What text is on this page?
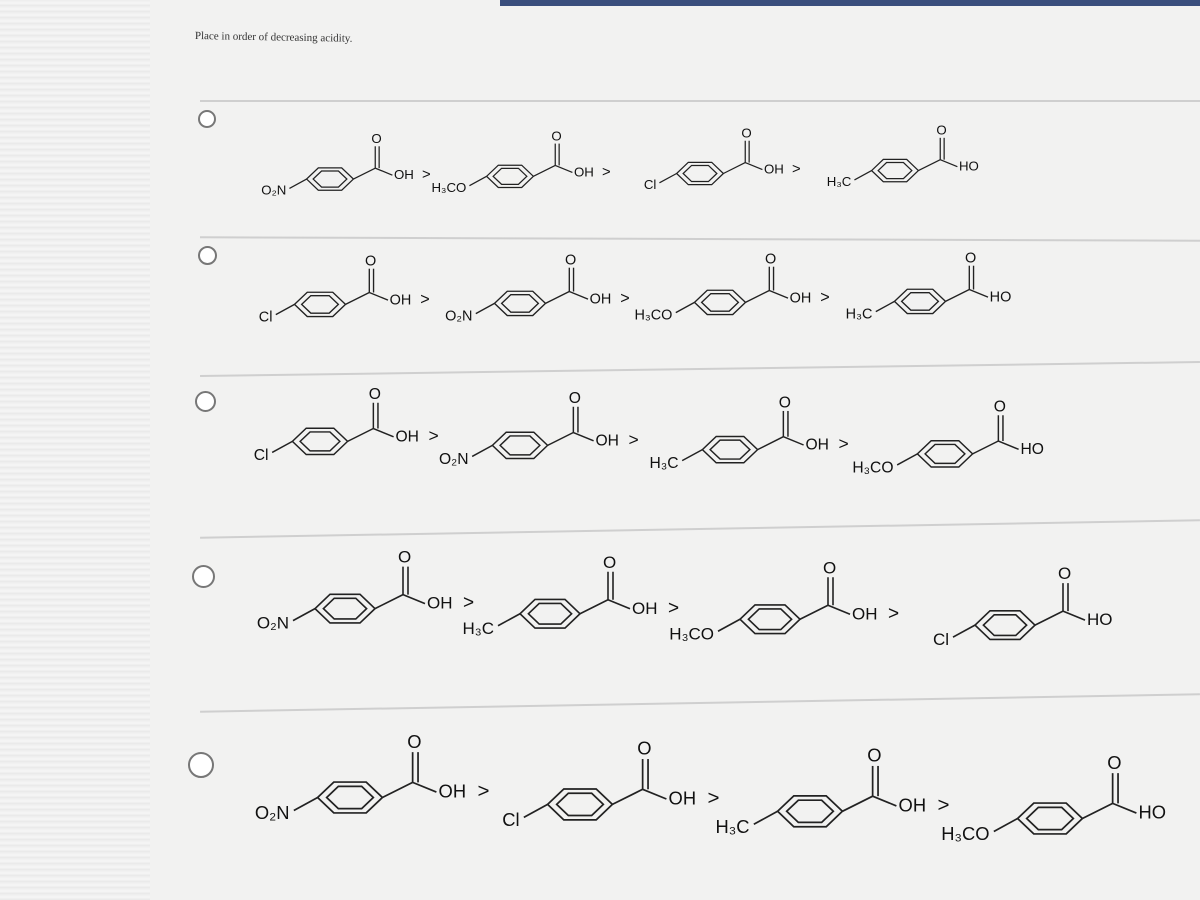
Place in order of decreasing acidity.
O
OH >
O₂N
O
OH >
H₃CO
O
OH >
Cl
O
HO
H₃C
O
OH >
Cl
O
OH >
O₂N
O
OH >
H₃CO
O
HO
H₃C
O
OH >
Cl
O
OH >
O₂N
O
OH >
H₃C
O
HO
H₃CO
O
OH >
O₂N
O
OH >
H₃C
O
OH >
H₃CO
O
HO
Cl
O
OH >
O₂N
O
OH >
Cl
O
OH >
H₃C
O
HO
H₃CO
